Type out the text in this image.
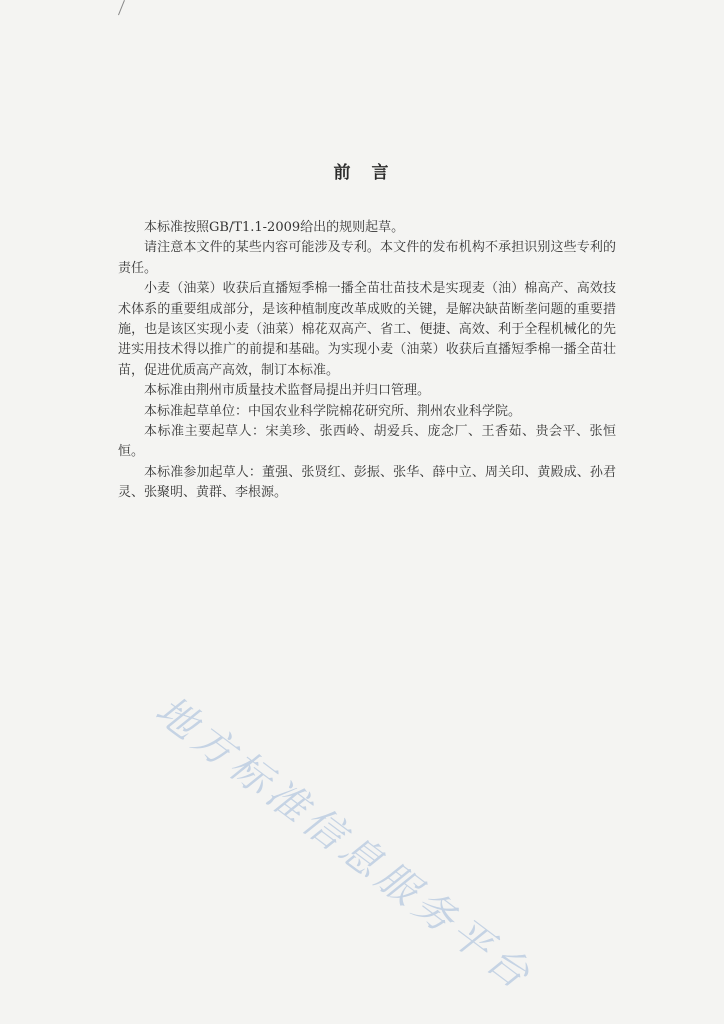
前　言

本标准按照GB/T1.1-2009给出的规则起草。

请注意本文件的某些内容可能涉及专利。本文件的发布机构不承担识别这些专利的责任。

小麦（油菜）收获后直播短季棉一播全苗壮苗技术是实现麦（油）棉高产、高效技术体系的重要组成部分，是该种植制度改革成败的关键，是解决缺苗断垄问题的重要措施，也是该区实现小麦（油菜）棉花双高产、省工、便捷、高效、利于全程机械化的先进实用技术得以推广的前提和基础。为实现小麦（油菜）收获后直播短季棉一播全苗壮苗，促进优质高产高效，制订本标准。

本标准由荆州市质量技术监督局提出并归口管理。

本标准起草单位：中国农业科学院棉花研究所、荆州农业科学院。

本标准主要起草人：宋美珍、张西岭、胡爱兵、庞念厂、王香茹、贵会平、张恒恒。

本标准参加起草人：董强、张贤红、彭振、张华、薛中立、周关印、黄殿成、孙君灵、张聚明、黄群、李根源。

地方标准信息服务平台
